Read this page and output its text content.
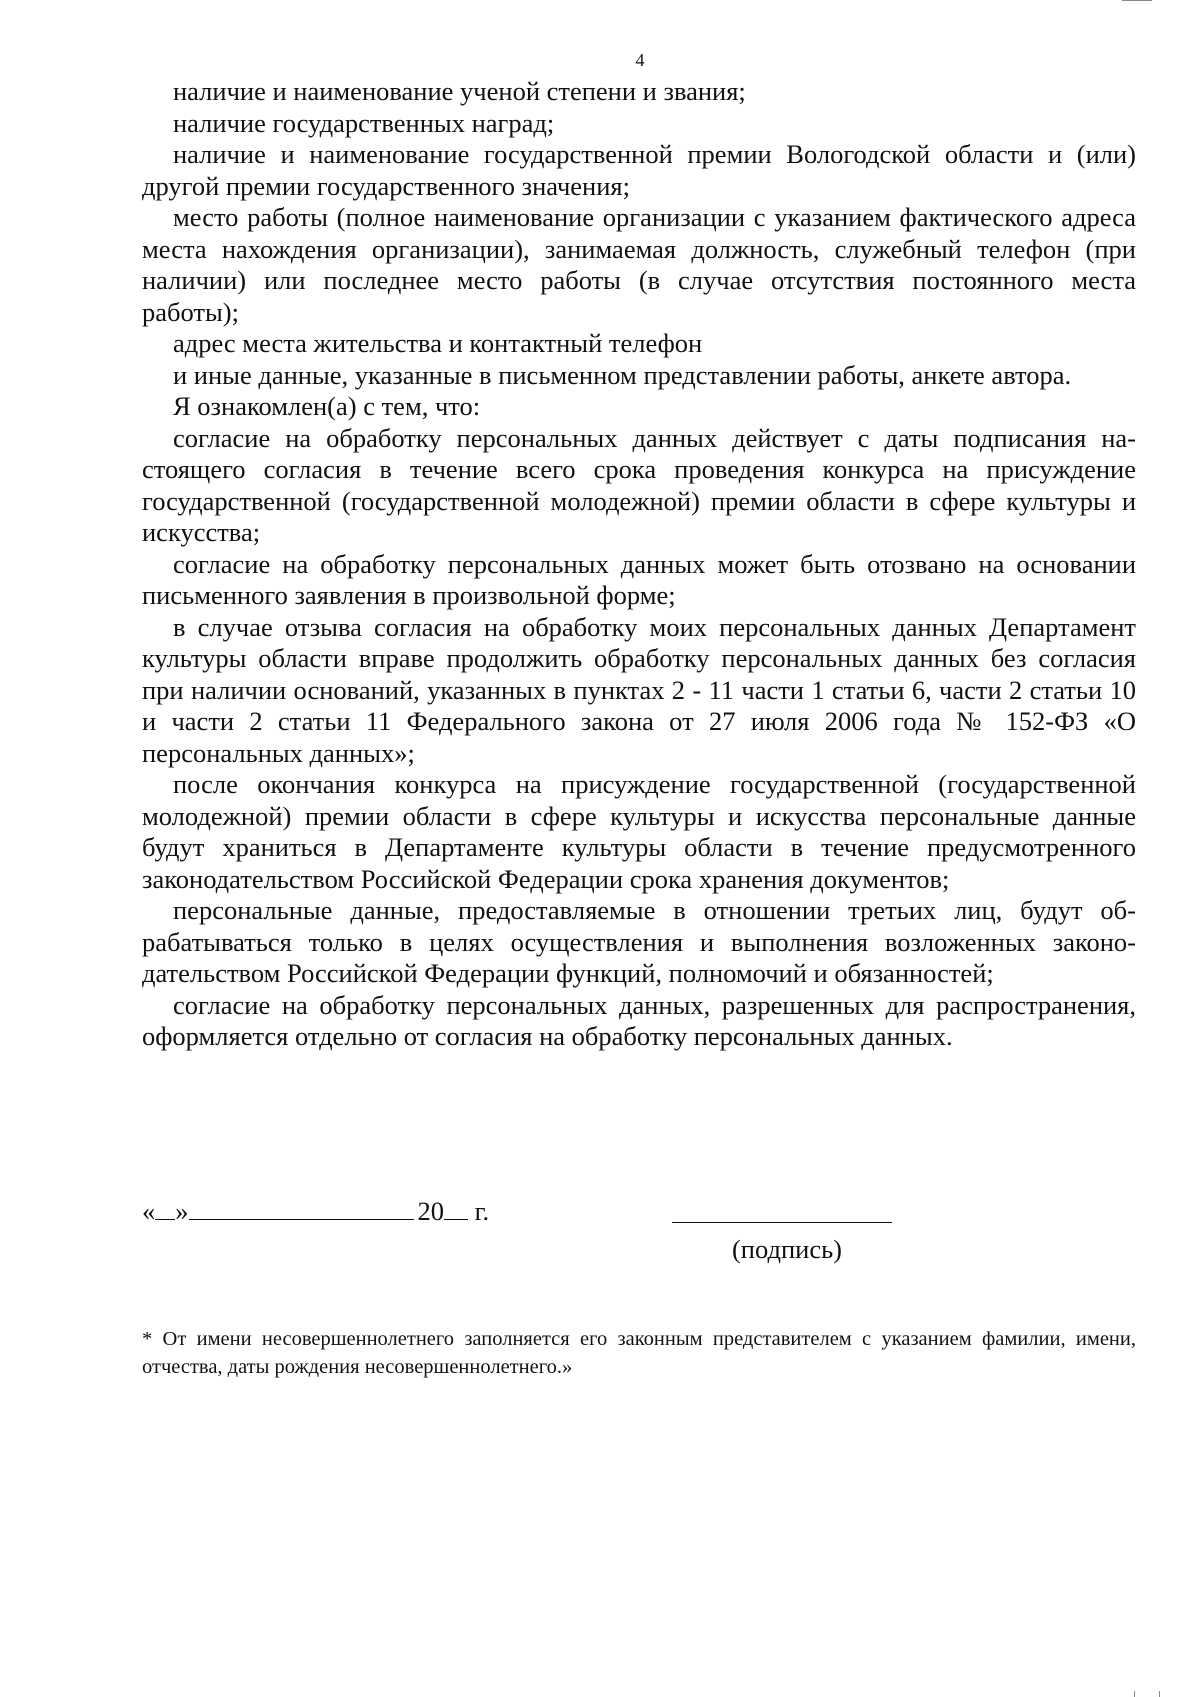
4

наличие и наименование ученой степени и звания;

наличие государственных наград;

наличие и наименование государственной премии Вологодской области и (или) другой премии государственного значения;

место работы (полное наименование организации с указанием фактического адреса места нахождения организации), занимаемая должность, служебный телефон (при наличии) или последнее место работы (в случае отсутствия постоянного места работы);

адрес места жительства и контактный телефон

и иные данные, указанные в письменном представлении работы, анкете автора.

Я ознакомлен(а) с тем, что:

согласие на обработку персональных данных действует с даты подписания настоящего согласия в течение всего срока проведения конкурса на присуждение государственной (государственной молодежной) премии области в сфере культуры и искусства;

согласие на обработку персональных данных может быть отозвано на основании письменного заявления в произвольной форме;

в случае отзыва согласия на обработку моих персональных данных Департамент культуры области вправе продолжить обработку персональных данных без согласия при наличии оснований, указанных в пунктах 2 - 11 части 1 статьи 6, части 2 статьи 10 и части 2 статьи 11 Федерального закона от 27 июля 2006 года № 152-ФЗ «О персональных данных»;

после окончания конкурса на присуждение государственной (государственной молодежной) премии области в сфере культуры и искусства персональные данные будут храниться в Департаменте культуры области в течение предусмотренного законодательством Российской Федерации срока хранения документов;

персональные данные, предоставляемые в отношении третьих лиц, будут обрабатываться только в целях осуществления и выполнения возложенных законодательством Российской Федерации функций, полномочий и обязанностей;

согласие на обработку персональных данных, разрешенных для распространения, оформляется отдельно от согласия на обработку персональных данных.

« »	20 г.
(подпись)

* От имени несовершеннолетнего заполняется его законным представителем с указанием фамилии, имени, отчества, даты рождения несовершеннолетнего.»
